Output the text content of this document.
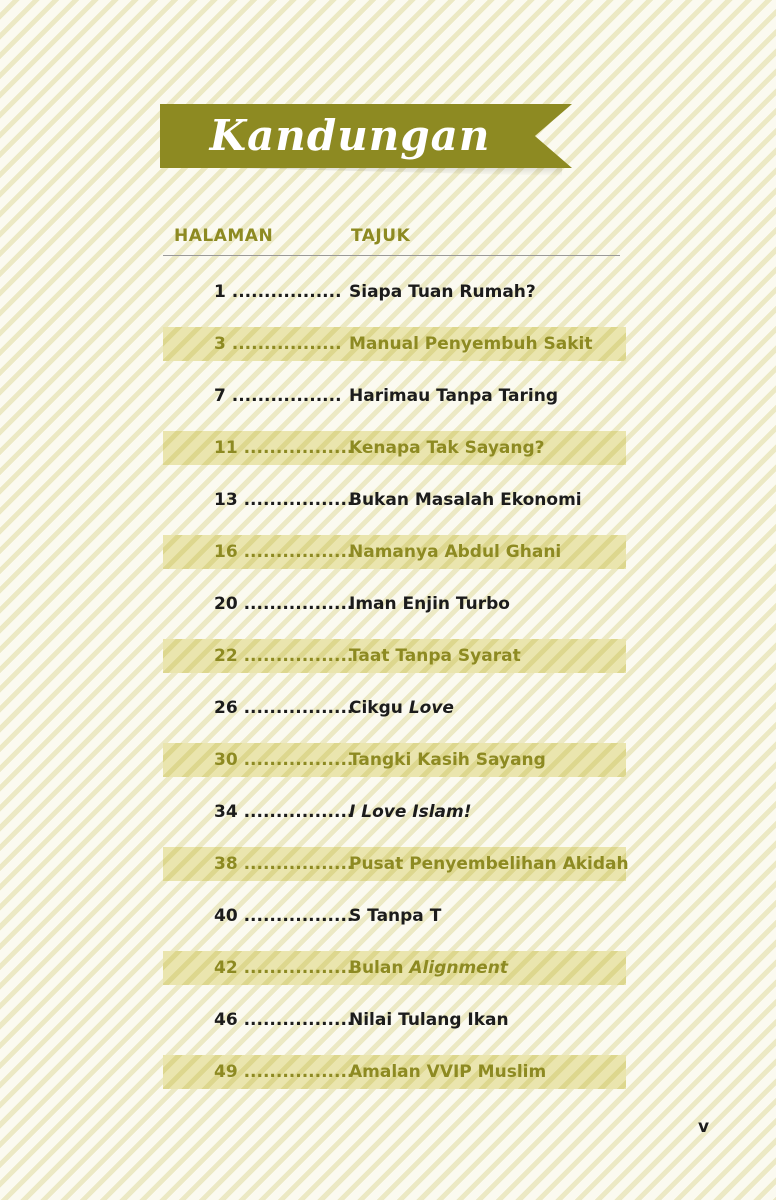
Kandungan
HALAMAN	TAJUK
1 ................. Siapa Tuan Rumah?
3 ................. Manual Penyembuh Sakit
7 ................. Harimau Tanpa Taring
11 .................
Kenapa Tak Sayang?
13 .................
Bukan Masalah Ekonomi
16 .................
Namanya Abdul Ghani
20 .................
Iman Enjin Turbo
22 .................
Taat Tanpa Syarat
26 .................
Cikgu Love
30 .................
Tangki Kasih Sayang
34 .................
I Love Islam!
38 .................
Pusat Penyembelihan Akidah
40 .................
S Tanpa T
42 .................
Bulan Alignment
46 .................
Nilai Tulang Ikan
49 .................
Amalan VVIP Muslim
v
